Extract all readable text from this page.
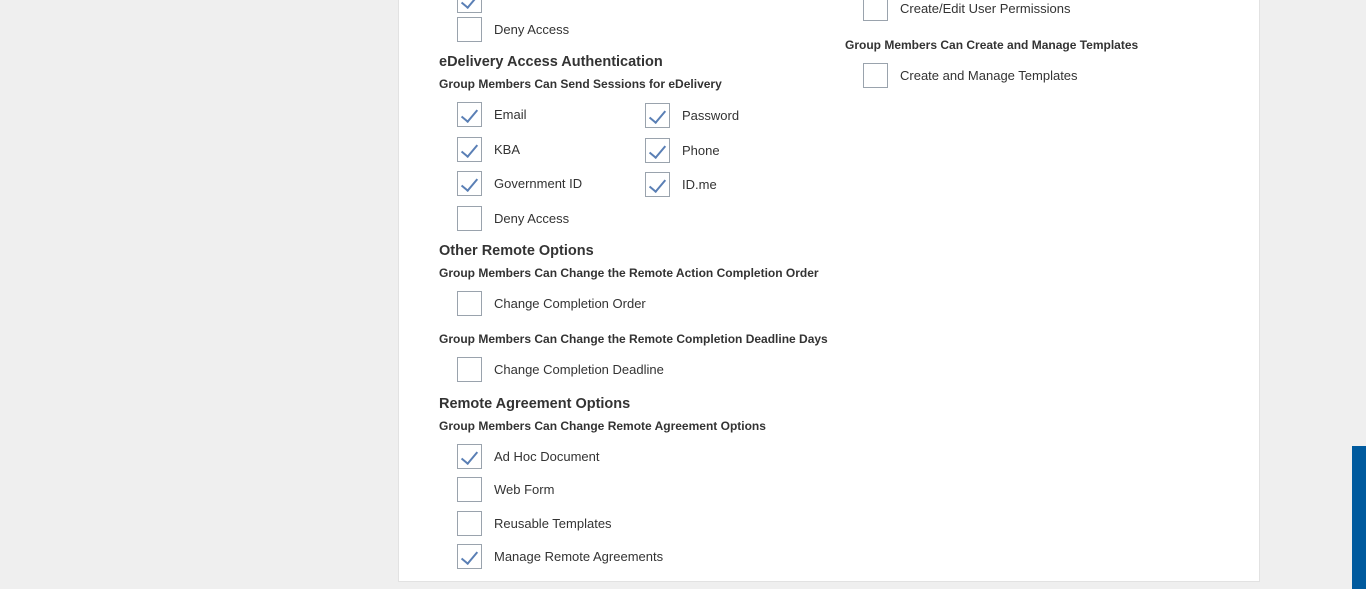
Deny Access
eDelivery Access Authentication
Group Members Can Send Sessions for eDelivery
Email	Password
KBA	Phone
Government ID	ID.me
Deny Access
Other Remote Options
Group Members Can Change the Remote Action Completion Order
Change Completion Order
Group Members Can Change the Remote Completion Deadline Days
Change Completion Deadline
Remote Agreement Options
Group Members Can Change Remote Agreement Options
Ad Hoc Document
Web Form
Reusable Templates
Manage Remote Agreements
Create/Edit User Permissions
Group Members Can Create and Manage Templates
Create and Manage Templates
